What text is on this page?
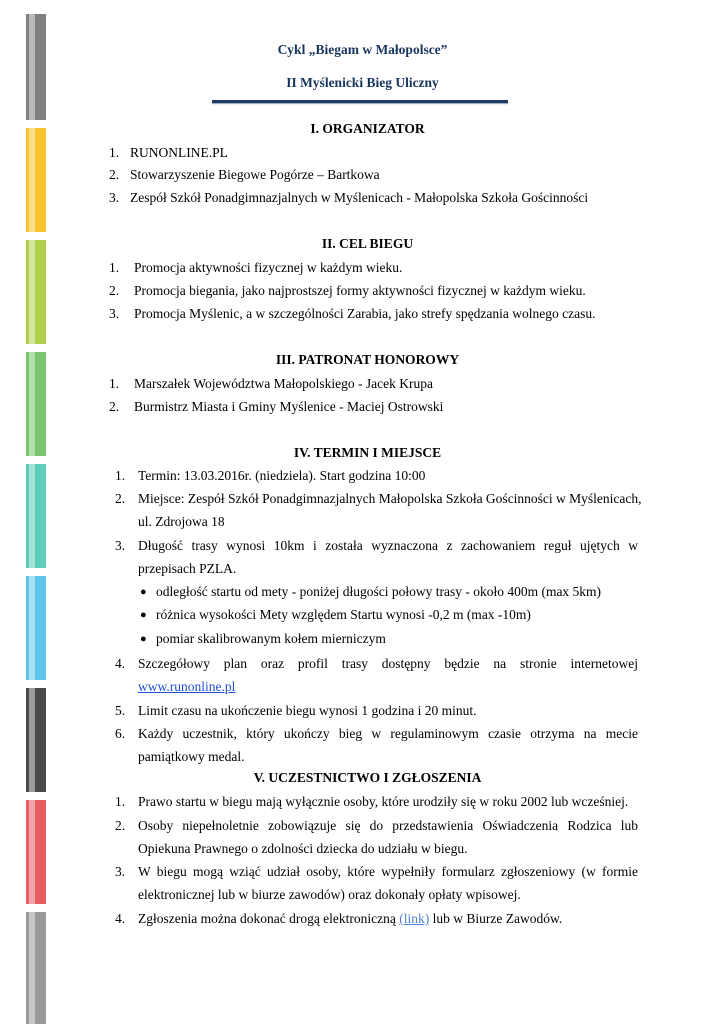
Cykl „Biegam w Małopolsce”
II Myślenicki Bieg Uliczny
I. ORGANIZATOR
1. RUNONLINE.PL
2. Stowarzyszenie Biegowe Pogórze – Bartkowa
3. Zespół Szkół Ponadgimnazjalnych w Myślenicach - Małopolska Szkoła Gościnności
II. CEL BIEGU
1. Promocja aktywności fizycznej w każdym wieku.
2. Promocja biegania, jako najprostszej formy aktywności fizycznej w każdym wieku.
3. Promocja Myślenic, a w szczególności Zarabia, jako strefy spędzania wolnego czasu.
III. PATRONAT HONOROWY
1. Marszałek Województwa Małopolskiego - Jacek Krupa
2. Burmistrz Miasta i Gminy Myślenice - Maciej Ostrowski
IV. TERMIN I MIEJSCE
1. Termin: 13.03.2016r. (niedziela). Start godzina 10:00
2. Miejsce: Zespół Szkół Ponadgimnazjalnych Małopolska Szkoła Gościnności w Myślenicach,
ul. Zdrojowa 18
3. Długość trasy wynosi 10km i została wyznaczona z zachowaniem reguł ujętych w
przepisach PZLA.
● odległość startu od mety - poniżej długości połowy trasy - około 400m (max 5km)
● różnica wysokości Mety względem Startu wynosi -0,2 m (max -10m)
● pomiar skalibrowanym kołem mierniczym
4. Szczegółowy plan oraz profil trasy dostępny będzie na stronie internetowej
www.runonline.pl
5. Limit czasu na ukończenie biegu wynosi 1 godzina i 20 minut.
6. Każdy uczestnik, który ukończy bieg w regulaminowym czasie otrzyma na mecie
pamiątkowy medal.
V. UCZESTNICTWO I ZGŁOSZENIA
1. Prawo startu w biegu mają wyłącznie osoby, które urodziły się w roku 2002 lub wcześniej.
2. Osoby niepełnoletnie zobowiązuje się do przedstawienia Oświadczenia Rodzica lub
Opiekuna Prawnego o zdolności dziecka do udziału w biegu.
3. W biegu mogą wziąć udział osoby, które wypełniły formularz zgłoszeniowy (w formie
elektronicznej lub w biurze zawodów) oraz dokonały opłaty wpisowej.
4. Zgłoszenia można dokonać drogą elektroniczną (link) lub w Biurze Zawodów.
